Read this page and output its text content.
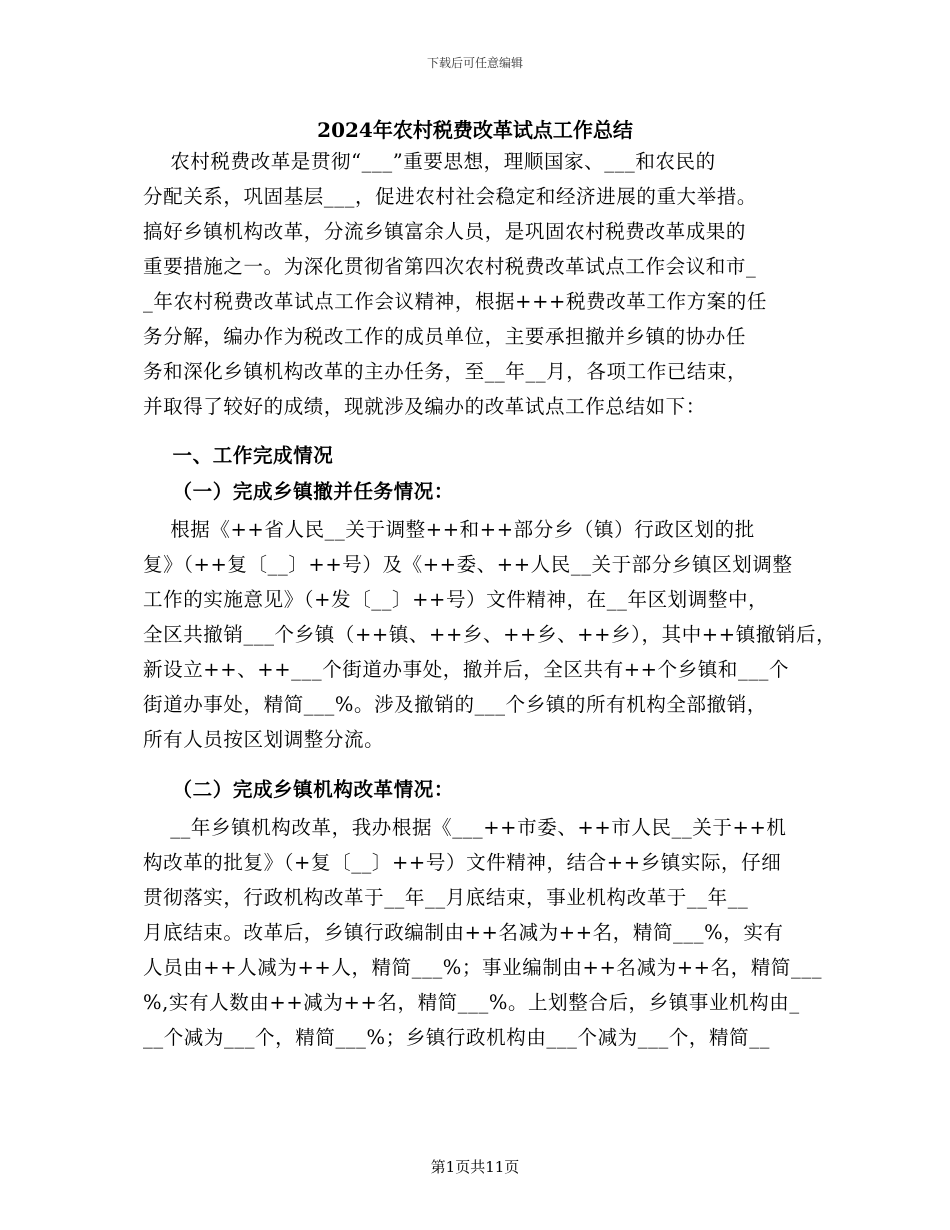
下载后可任意编辑
2024年农村税费改革试点工作总结
农村税费改革是贯彻“___”重要思想，理顺国家、___和农民的
分配关系，巩固基层___，促进农村社会稳定和经济进展的重大举措。
搞好乡镇机构改革，分流乡镇富余人员，是巩固农村税费改革成果的
重要措施之一。为深化贯彻省第四次农村税费改革试点工作会议和市_
_年农村税费改革试点工作会议精神，根据+++税费改革工作方案的任
务分解，编办作为税改工作的成员单位，主要承担撤并乡镇的协办任
务和深化乡镇机构改革的主办任务，至__年__月，各项工作已结束，
并取得了较好的成绩，现就涉及编办的改革试点工作总结如下：
一、工作完成情况
（一）完成乡镇撤并任务情况：
根据《++省人民__关于调整++和++部分乡（镇）行政区划的批
复》（++复〔__〕++号）及《++委、++人民__关于部分乡镇区划调整
工作的实施意见》（+发〔__〕++号）文件精神，在__年区划调整中，
全区共撤销___个乡镇（++镇、++乡、++乡、++乡），其中++镇撤销后，
新设立++、++___个街道办事处，撤并后，全区共有++个乡镇和___个
街道办事处，精简___%。涉及撤销的___个乡镇的所有机构全部撤销，
所有人员按区划调整分流。
（二）完成乡镇机构改革情况：
__年乡镇机构改革，我办根据《___++市委、++市人民__关于++机
构改革的批复》（+复〔__〕++号）文件精神，结合++乡镇实际，仔细
贯彻落实，行政机构改革于__年__月底结束，事业机构改革于__年__
月底结束。改革后，乡镇行政编制由++名减为++名，精简___%，实有
人员由++人减为++人，精简___%；事业编制由++名减为++名，精简___
%,实有人数由++减为++名，精简___%。上划整合后，乡镇事业机构由_
__个减为___个，精简___%；乡镇行政机构由___个减为___个，精简__
第1页共11页
